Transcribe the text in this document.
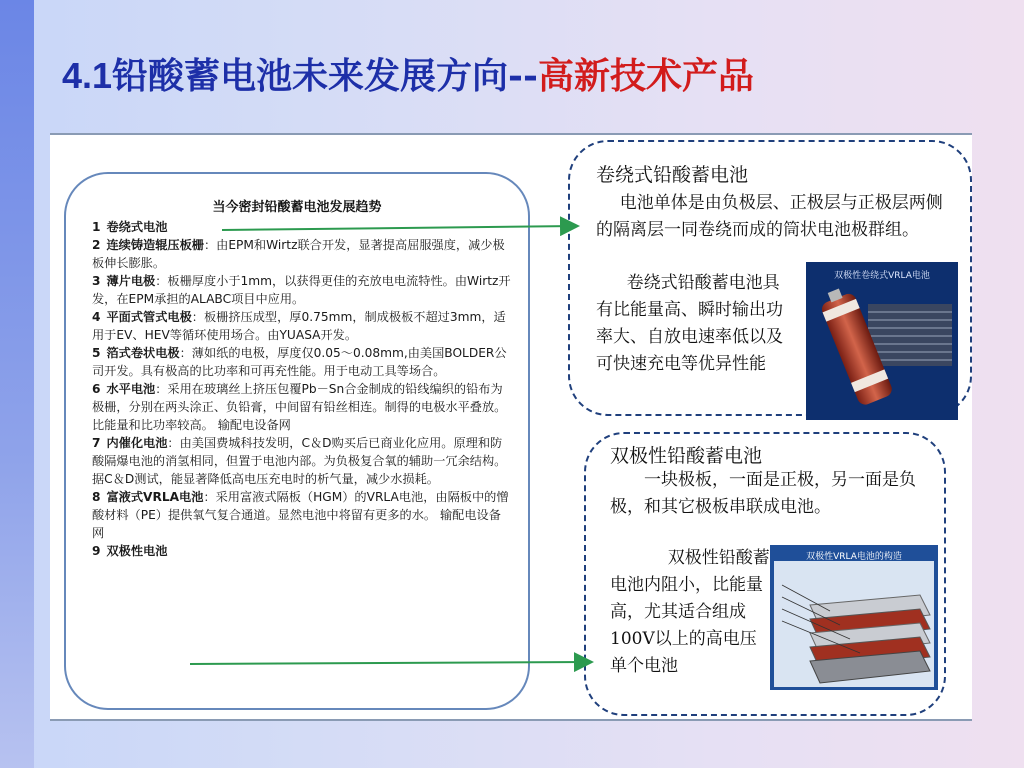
4.1铅酸蓄电池未来发展方向--高新技术产品
当今密封铅酸蓄电池发展趋势

1 卷绕式电池

2 连续铸造辊压板栅：由EPM和Wirtz联合开发，显著提高屈服强度，减少极板伸长膨胀。

3 薄片电极：板栅厚度小于1mm，以获得更佳的充放电电流特性。由Wirtz开发，在EPM承担的ALABC项目中应用。

4 平面式管式电极：板栅挤压成型，厚0.75mm，制成极板不超过3mm，适用于EV、HEV等循环使用场合。由YUASA开发。

5 箔式卷状电极：薄如纸的电极，厚度仅0.05～0.08mm,由美国BOLDER公司开发。具有极高的比功率和可再充性能。用于电动工具等场合。

6 水平电池：采用在玻璃丝上挤压包覆Pb－Sn合金制成的铅线编织的铅布为极栅，分别在两头涂正、负铅膏，中间留有铅丝相连。制得的电极水平叠放。比能量和比功率较高。 输配电设备网

7 内催化电池：由美国费城科技发明，C＆D购买后已商业化应用。原理和防酸隔爆电池的消氢相同，但置于电池内部。为负极复合氧的辅助一冗余结构。据C＆D测试，能显著降低高电压充电时的析气量，减少水损耗。

8 富液式VRLA电池：采用富液式隔板（HGM）的VRLA电池，由隔板中的憎酸材料（PE）提供氧气复合通道。显然电池中将留有更多的水。 输配电设备网

9 双极性电池

卷绕式铅酸蓄电池
电池单体是由负极层、正极层与正极层两侧的隔离层一同卷绕而成的筒状电池极群组。
卷绕式铅酸蓄电池具有比能量高、瞬时输出功率大、自放电速率低以及可快速充电等优异性能
双极性卷绕式VRLA电池
双极性铅酸蓄电池
一块极板，一面是正极，另一面是负极，和其它极板串联成电池。
双极性铅酸蓄电池内阻小，比能量高，尤其适合组成100V以上的高电压单个电池
双极性VRLA电池的构造
